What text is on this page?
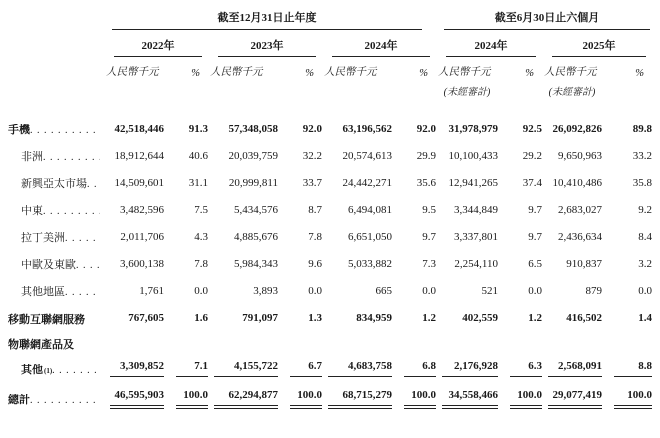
截至12月31日止年度	截至6月30日止六個月
2022年	2023年	2024年	2024年	2025年
人民幣千元	% 人民幣千元	% 人民幣千元	% 人民幣千元	% 人民幣千元	%
(未經審計)	(未經審計)
手機 . . .	42,518,446	91.3	57,348,058	92.0	63,196,562	92.0	31,978,979	92.5 26,092,826	89.8
非洲 . . .	18,912,644	40.6	20,039,759	32.2	20,574,613	29.9	10,100,433	29.2	9,650,963	33.2
新興亞太市場 . . .	14,509,601	31.1	20,999,811	33.7	24,442,271	35.6	12,941,265	37.4 10,410,486	35.8
中東 . . .	3,482,596	7.5	5,434,576	8.7	6,494,081	9.5	3,344,849	9.7	2,683,027	9.2
拉丁美洲 . . .	2,011,706	4.3	4,885,676	7.8	6,651,050	9.7	3,337,801	9.7	2,436,634	8.4
中歐及東歐 . . .	3,600,138	7.8	5,984,343	9.6	5,033,882	7.3	2,254,110	6.5	910,837	3.2
其他地區 . . .	1,761	0.0	3,893	0.0	665	0.0	521	0.0	879	0.0
移動互聯網服務	767,605	1.6	791,097	1.3	834,959	1.2	402,559	1.2	416,502	1.4
物聯網產品及
其他 (1) . . .	3,309,852	7.1	4,155,722	6.7	4,683,758	6.8	2,176,928	6.3	2,568,091	8.8
總計 . . .	46,595,903	100.0	62,294,877	100.0	68,715,279	100.0	34,558,466	100.0 29,077,419	100.0
